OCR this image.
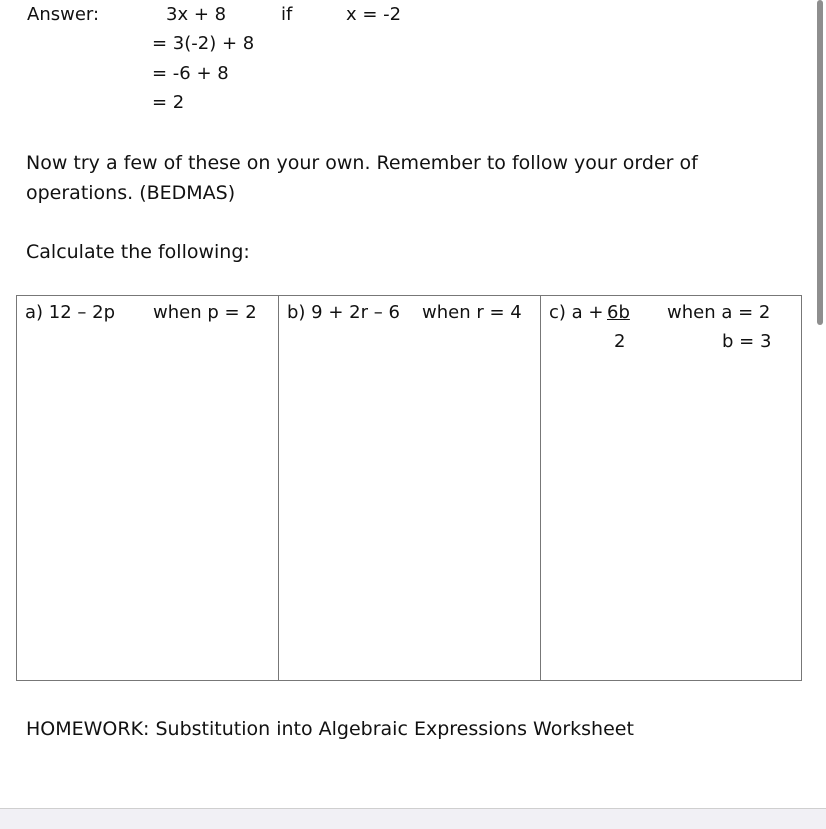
Answer:	3x + 8	if	x = -2
= 3(-2) + 8
= -6 + 8
= 2
Now try a few of these on your own. Remember to follow your order of
operations. (BEDMAS)
Calculate the following:
a) 12 – 2p when p = 2 b) 9 + 2r – 6 when r = 4 c) a + 6b
2
when a = 2
b = 3
HOMEWORK: Substitution into Algebraic Expressions Worksheet
